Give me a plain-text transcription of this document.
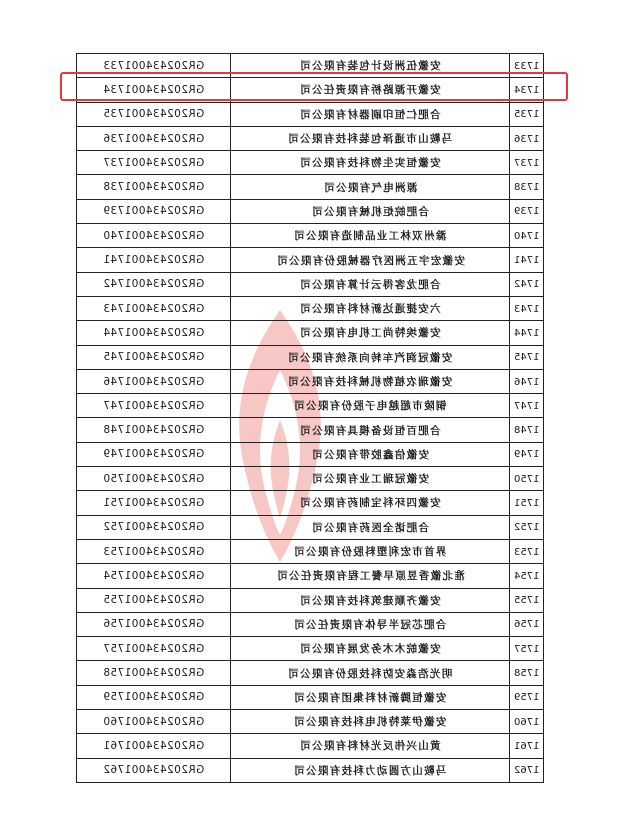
GR202434001733	安徽伍洲设计包装有限公司	1733
GR202434001734	安徽开源路桥有限责任公司	1734
GR202434001735	合肥仁恒印刷器材有限公司	1735
GR202434001736	马鞍山市通泽包装科技有限公司	1736
GR202434001737	安徽恒实生物科技有限公司	1737
GR202434001738	源洲电气有限公司	1738
GR202434001739	合肥皖炬机械有限公司	1739
GR202434001740	滁州双林工业品制造有限公司	1740
GR202434001741	安徽宏宇五洲医疗器械股份有限公司	1741
GR202434001742	合肥龙客得云计算有限公司	1742
GR202434001743	六安捷通达新材料有限公司	1743
GR202434001744	安徽埃特尚工机电有限公司	1744
GR202434001745	安徽冠润汽车转向系统有限公司	1745
GR202434001746	安徽瑞农植物机械科技有限公司	1746
GR202434001747	铜陵市超越电子股份有限公司	1747
GR202434001748	合肥百恒设备模具有限公司	1748
GR202434001749	安徽信鑫胶带有限公司	1749
GR202434001750	安徽冠瑞工业有限公司	1750
GR202434001751	安徽四环科宝制药有限公司	1751
GR202434001752	合肥诺全医药有限公司	1752
GR202434001753	界首市宏利塑料股份有限公司	1753
GR202434001754	淮北徽香昱原早餐工程有限责任公司	1754
GR202434001755	安徽齐顺建筑科技有限公司	1755
GR202434001756	合肥芯冠半导体有限责任公司	1756
GR202434001757	安徽皖木木务发展有限公司	1757
GR202434001758	明光浩淼安防科技股份有限公司	1758
GR202434001759	安徽恒腾新材料集团有限公司	1759
GR202434001760	安徽伊莱特机电科技有限公司	1760
GR202434001761	黄山兴伟反光材料有限公司	1761
GR202434001762	马鞍山方圆动力科技有限公司	1762
